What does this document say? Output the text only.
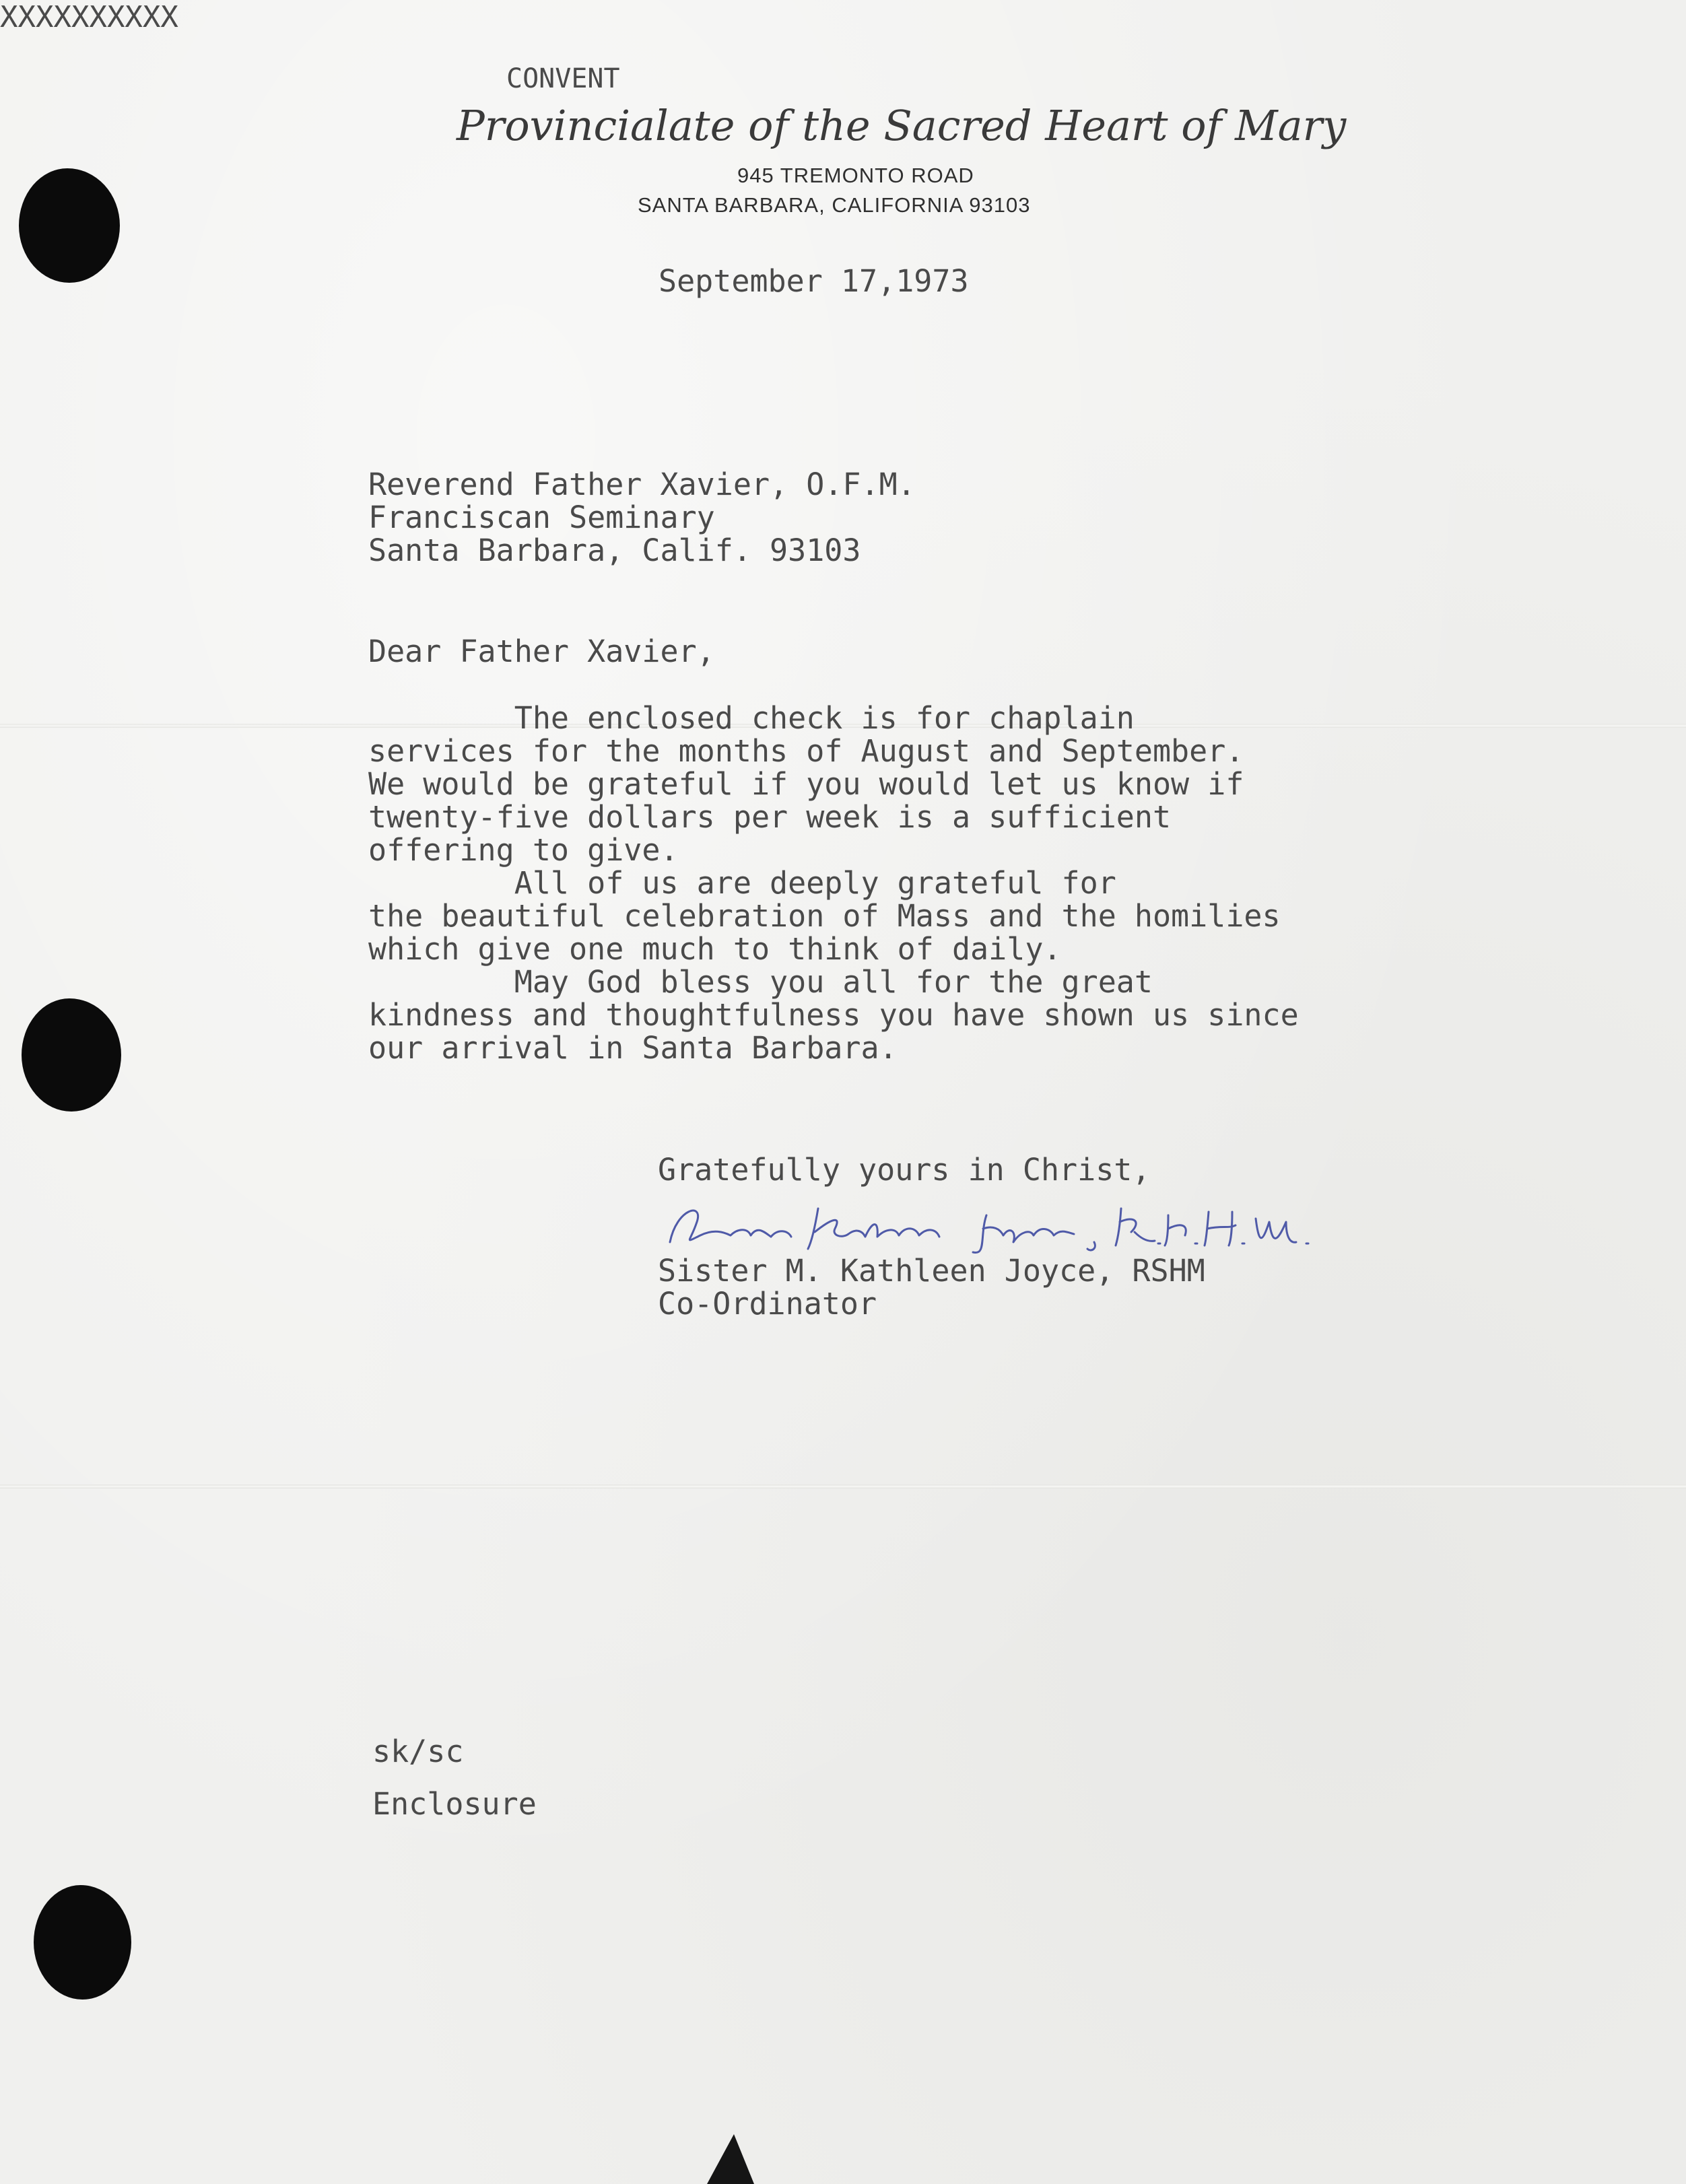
CONVENT
XXXXXXXXXX
Provincialate of the Sacred Heart of Mary
945 TREMONTO ROAD
SANTA BARBARA, CALIFORNIA 93103
September 17,1973
Reverend Father Xavier, O.F.M.
Franciscan Seminary
Santa Barbara, Calif. 93103
Dear Father Xavier,
The enclosed check is for chaplain
services for the months of August and September.
We would be grateful if you would let us know if
twenty-five dollars per week is a sufficient
offering to give.
All of us are deeply grateful for
the beautiful celebration of Mass and the homilies
which give one much to think of daily.
May God bless you all for the great
kindness and thoughtfulness you have shown us since
our arrival in Santa Barbara.
Gratefully yours in Christ,
Sister M. Kathleen Joyce, RSHM
Co-Ordinator
sk/sc
Enclosure
